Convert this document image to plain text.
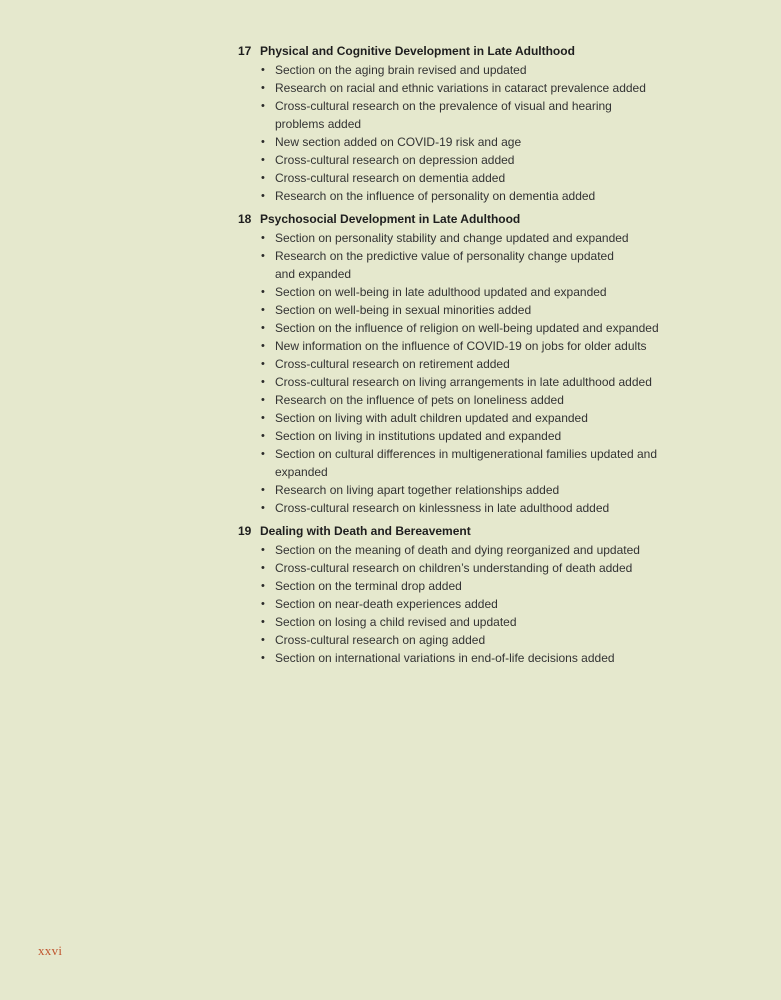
17 Physical and Cognitive Development in Late Adulthood
• Section on the aging brain revised and updated
• Research on racial and ethnic variations in cataract prevalence added
• Cross-cultural research on the prevalence of visual and hearing problems added
• New section added on COVID-19 risk and age
• Cross-cultural research on depression added
• Cross-cultural research on dementia added
• Research on the influence of personality on dementia added
18 Psychosocial Development in Late Adulthood
• Section on personality stability and change updated and expanded
• Research on the predictive value of personality change updated and expanded
• Section on well-being in late adulthood updated and expanded
• Section on well-being in sexual minorities added
• Section on the influence of religion on well-being updated and expanded
• New information on the influence of COVID-19 on jobs for older adults
• Cross-cultural research on retirement added
• Cross-cultural research on living arrangements in late adulthood added
• Research on the influence of pets on loneliness added
• Section on living with adult children updated and expanded
• Section on living in institutions updated and expanded
• Section on cultural differences in multigenerational families updated and expanded
• Research on living apart together relationships added
• Cross-cultural research on kinlessness in late adulthood added
19 Dealing with Death and Bereavement
• Section on the meaning of death and dying reorganized and updated
• Cross-cultural research on children’s understanding of death added
• Section on the terminal drop added
• Section on near-death experiences added
• Section on losing a child revised and updated
• Cross-cultural research on aging added
• Section on international variations in end-of-life decisions added
xxvi
